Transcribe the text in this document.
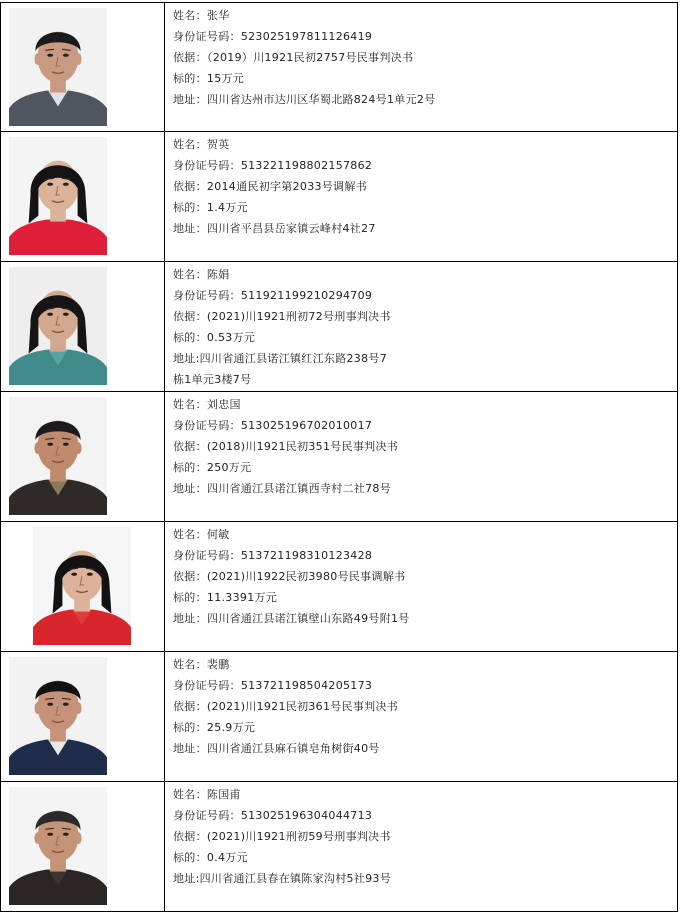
姓名：张华
身份证号码：523025197811126419
依据：（2019）川1921民初2757号民事判决书
标的：15万元
地址：四川省达州市达川区华蜀北路824号1单元2号
姓名：贺英
身份证号码：513221198802157862
依据：2014通民初字第2033号调解书
标的：1.4万元
地址：四川省平昌县岳家镇云峰村4社27
姓名：陈娟
身份证号码：511921199210294709
依据：(2021)川1921刑初72号刑事判决书
标的：0.53万元
地址:四川省通江县诺江镇红江东路238号7
栋1单元3楼7号
姓名：刘忠国
身份证号码：513025196702010017
依据：(2018)川1921民初351号民事判决书
标的：250万元
地址：四川省通江县诺江镇西寺村二社78号
姓名：何敏
身份证号码：513721198310123428
依据：(2021)川1922民初3980号民事调解书
标的：11.3391万元
地址：四川省通江县诺江镇壁山东路49号附1号
姓名：裴鹏
身份证号码：513721198504205173
依据：(2021)川1921民初361号民事判决书
标的：25.9万元
地址：四川省通江县麻石镇皂角树街40号
姓名：陈国甫
身份证号码：513025196304044713
依据：(2021)川1921刑初59号刑事判决书
标的：0.4万元
地址:四川省通江县春在镇陈家沟村5社93号
